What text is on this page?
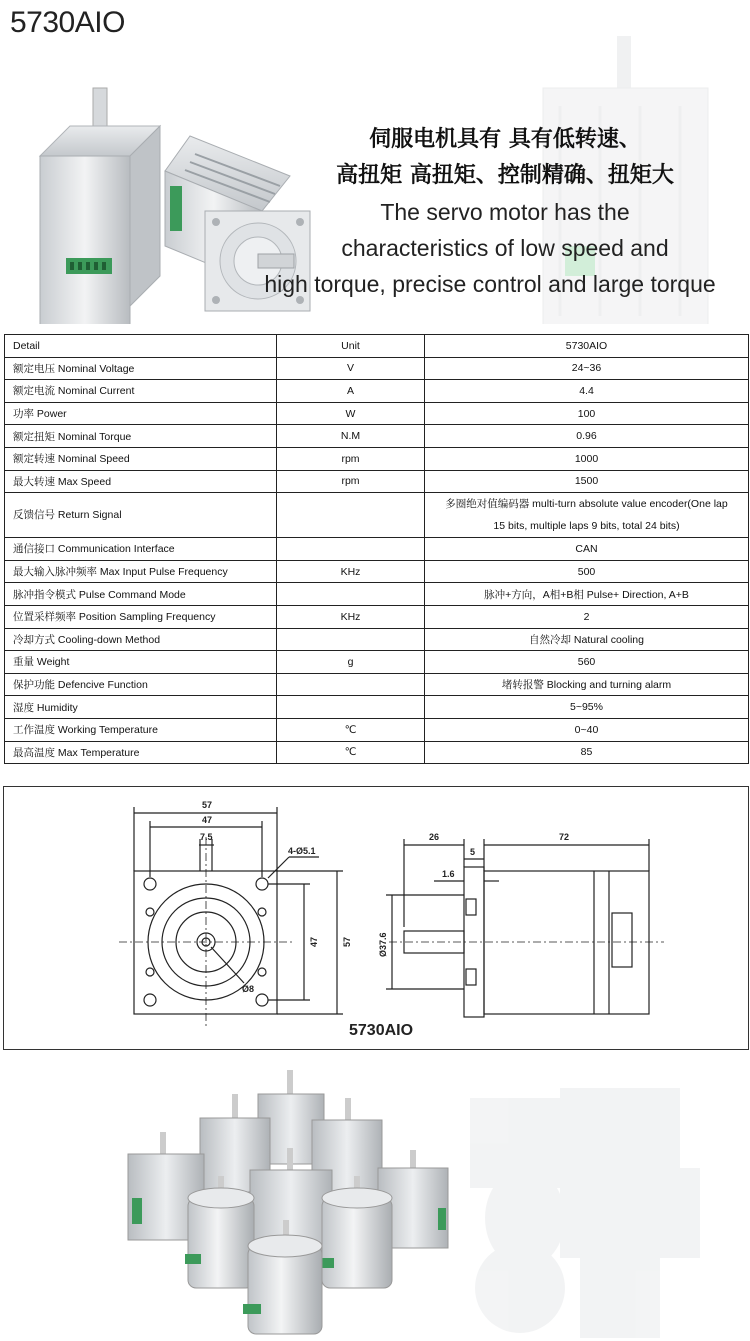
5730AIO
伺服电机具有 具有低转速、
高扭矩 高扭矩、控制精确、扭矩大
The servo motor has the
characteristics of low speed and
high torque, precise control and large torque
Detail	Unit	5730AIO
额定电压 Nominal Voltage	V	24~36
额定电流 Nominal Current	A	4.4
功率 Power	W	100
额定扭矩 Nominal Torque	N.M	0.96
额定转速 Nominal Speed	rpm	1000
最大转速 Max Speed	rpm	1500
反馈信号 Return Signal		多圈绝对值编码器 multi-turn absolute value encoder(One lap
15 bits, multiple laps 9 bits, total 24 bits)

通信接口 Communication Interface		CAN
最大输入脉冲频率 Max Input Pulse Frequency	KHz	500
脉冲指令模式 Pulse Command Mode		脉冲+方向，A相+B相 Pulse+ Direction, A+B
位置采样频率 Position Sampling Frequency	KHz	2
冷却方式 Cooling-down Method		自然冷却 Natural cooling
重量 Weight	g	560
保护功能 Defencive Function		堵转报警 Blocking and turning alarm
湿度 Humidity		5~95%
工作温度 Working Temperature	℃	0~40
最高温度 Max Temperature	℃	85
57
47
7.5
4-Ø5.1
Ø8
47	57
26	72
5
1.6
Ø37.6
5730AIO
